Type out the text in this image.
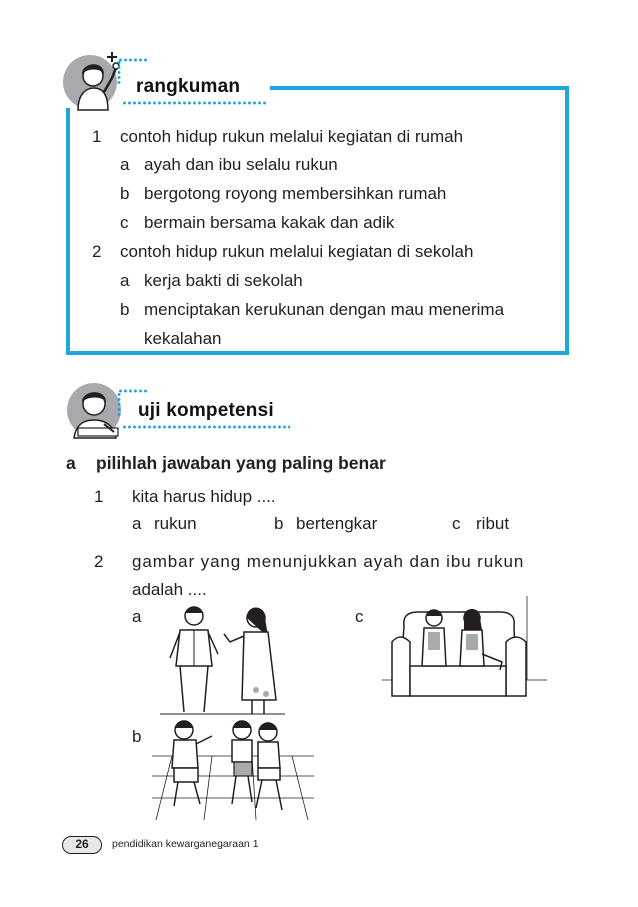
rangkuman
1 contoh hidup rukun melalui kegiatan di rumah
a ayah dan ibu selalu rukun
b bergotong royong membersihkan rumah
c bermain bersama kakak dan adik
2 contoh hidup rukun melalui kegiatan di sekolah
a kerja bakti di sekolah
b menciptakan kerukunan dengan mau menerima
kekalahan
uji kompetensi
a pilihlah jawaban yang paling benar
1 kita harus hidup ....
a rukun	b bertengkar	c ribut
2 gambar yang menunjukkan ayah dan ibu rukun
adalah ....
a	c
b
26	pendidikan kewarganegaraan 1
